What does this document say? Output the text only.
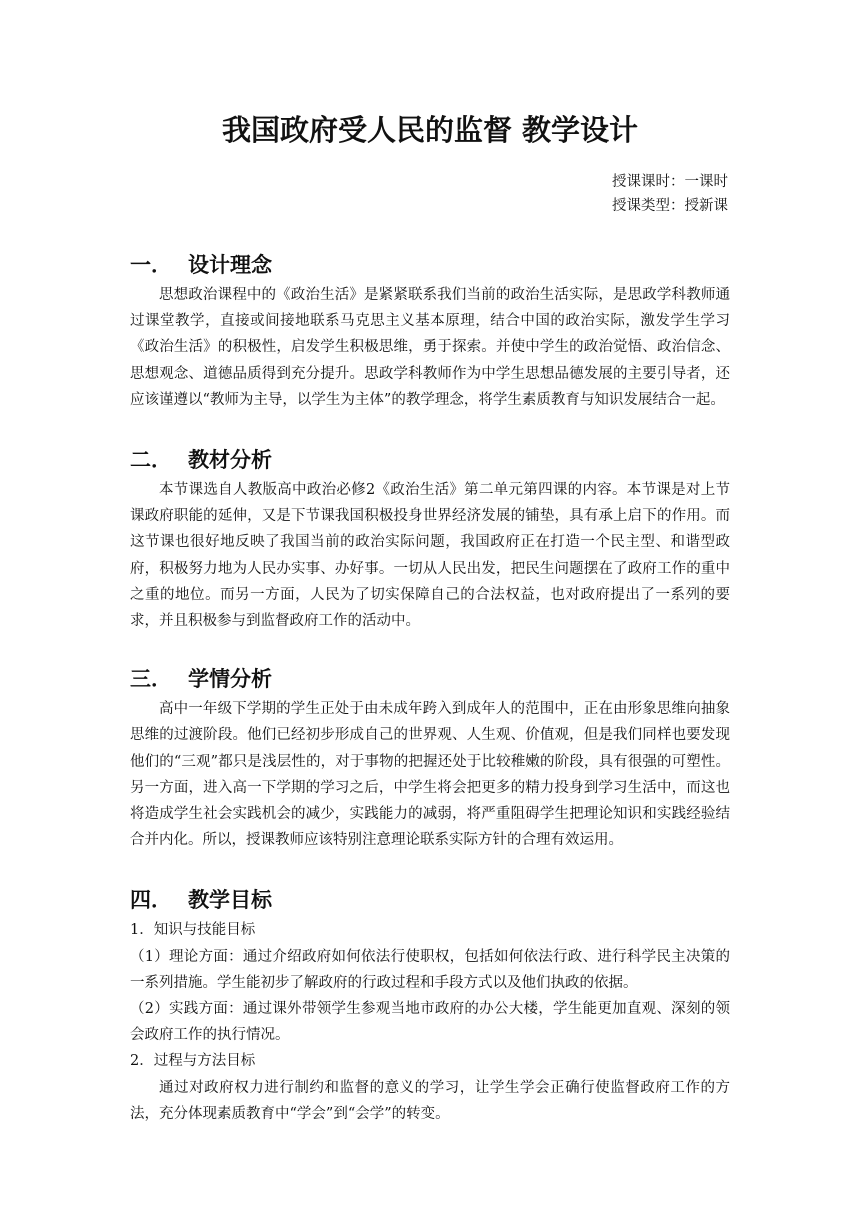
我国政府受人民的监督 教学设计
授课课时：一课时
授课类型：授新课
一． 设计理念

思想政治课程中的《政治生活》是紧紧联系我们当前的政治生活实际，是思政学科教师通过课堂教学，直接或间接地联系马克思主义基本原理，结合中国的政治实际，激发学生学习《政治生活》的积极性，启发学生积极思维，勇于探索。并使中学生的政治觉悟、政治信念、思想观念、道德品质得到充分提升。思政学科教师作为中学生思想品德发展的主要引导者，还应该谨遵以“教师为主导，以学生为主体”的教学理念，将学生素质教育与知识发展结合一起。

二． 教材分析

本节课选自人教版高中政治必修2《政治生活》第二单元第四课的内容。本节课是对上节课政府职能的延伸，又是下节课我国积极投身世界经济发展的铺垫，具有承上启下的作用。而这节课也很好地反映了我国当前的政治实际问题，我国政府正在打造一个民主型、和谐型政府，积极努力地为人民办实事、办好事。一切从人民出发，把民生问题摆在了政府工作的重中之重的地位。而另一方面，人民为了切实保障自己的合法权益，也对政府提出了一系列的要求，并且积极参与到监督政府工作的活动中。

三． 学情分析

高中一年级下学期的学生正处于由未成年跨入到成年人的范围中，正在由形象思维向抽象思维的过渡阶段。他们已经初步形成自己的世界观、人生观、价值观，但是我们同样也要发现他们的“三观”都只是浅层性的，对于事物的把握还处于比较稚嫩的阶段，具有很强的可塑性。另一方面，进入高一下学期的学习之后，中学生将会把更多的精力投身到学习生活中，而这也将造成学生社会实践机会的减少，实践能力的减弱，将严重阻碍学生把理论知识和实践经验结合并内化。所以，授课教师应该特别注意理论联系实际方针的合理有效运用。

四． 教学目标

1．知识与技能目标

（1）理论方面：通过介绍政府如何依法行使职权，包括如何依法行政、进行科学民主决策的一系列措施。学生能初步了解政府的行政过程和手段方式以及他们执政的依据。

（2）实践方面：通过课外带领学生参观当地市政府的办公大楼，学生能更加直观、深刻的领会政府工作的执行情况。

2．过程与方法目标

通过对政府权力进行制约和监督的意义的学习，让学生学会正确行使监督政府工作的方法，充分体现素质教育中“学会”到“会学”的转变。
